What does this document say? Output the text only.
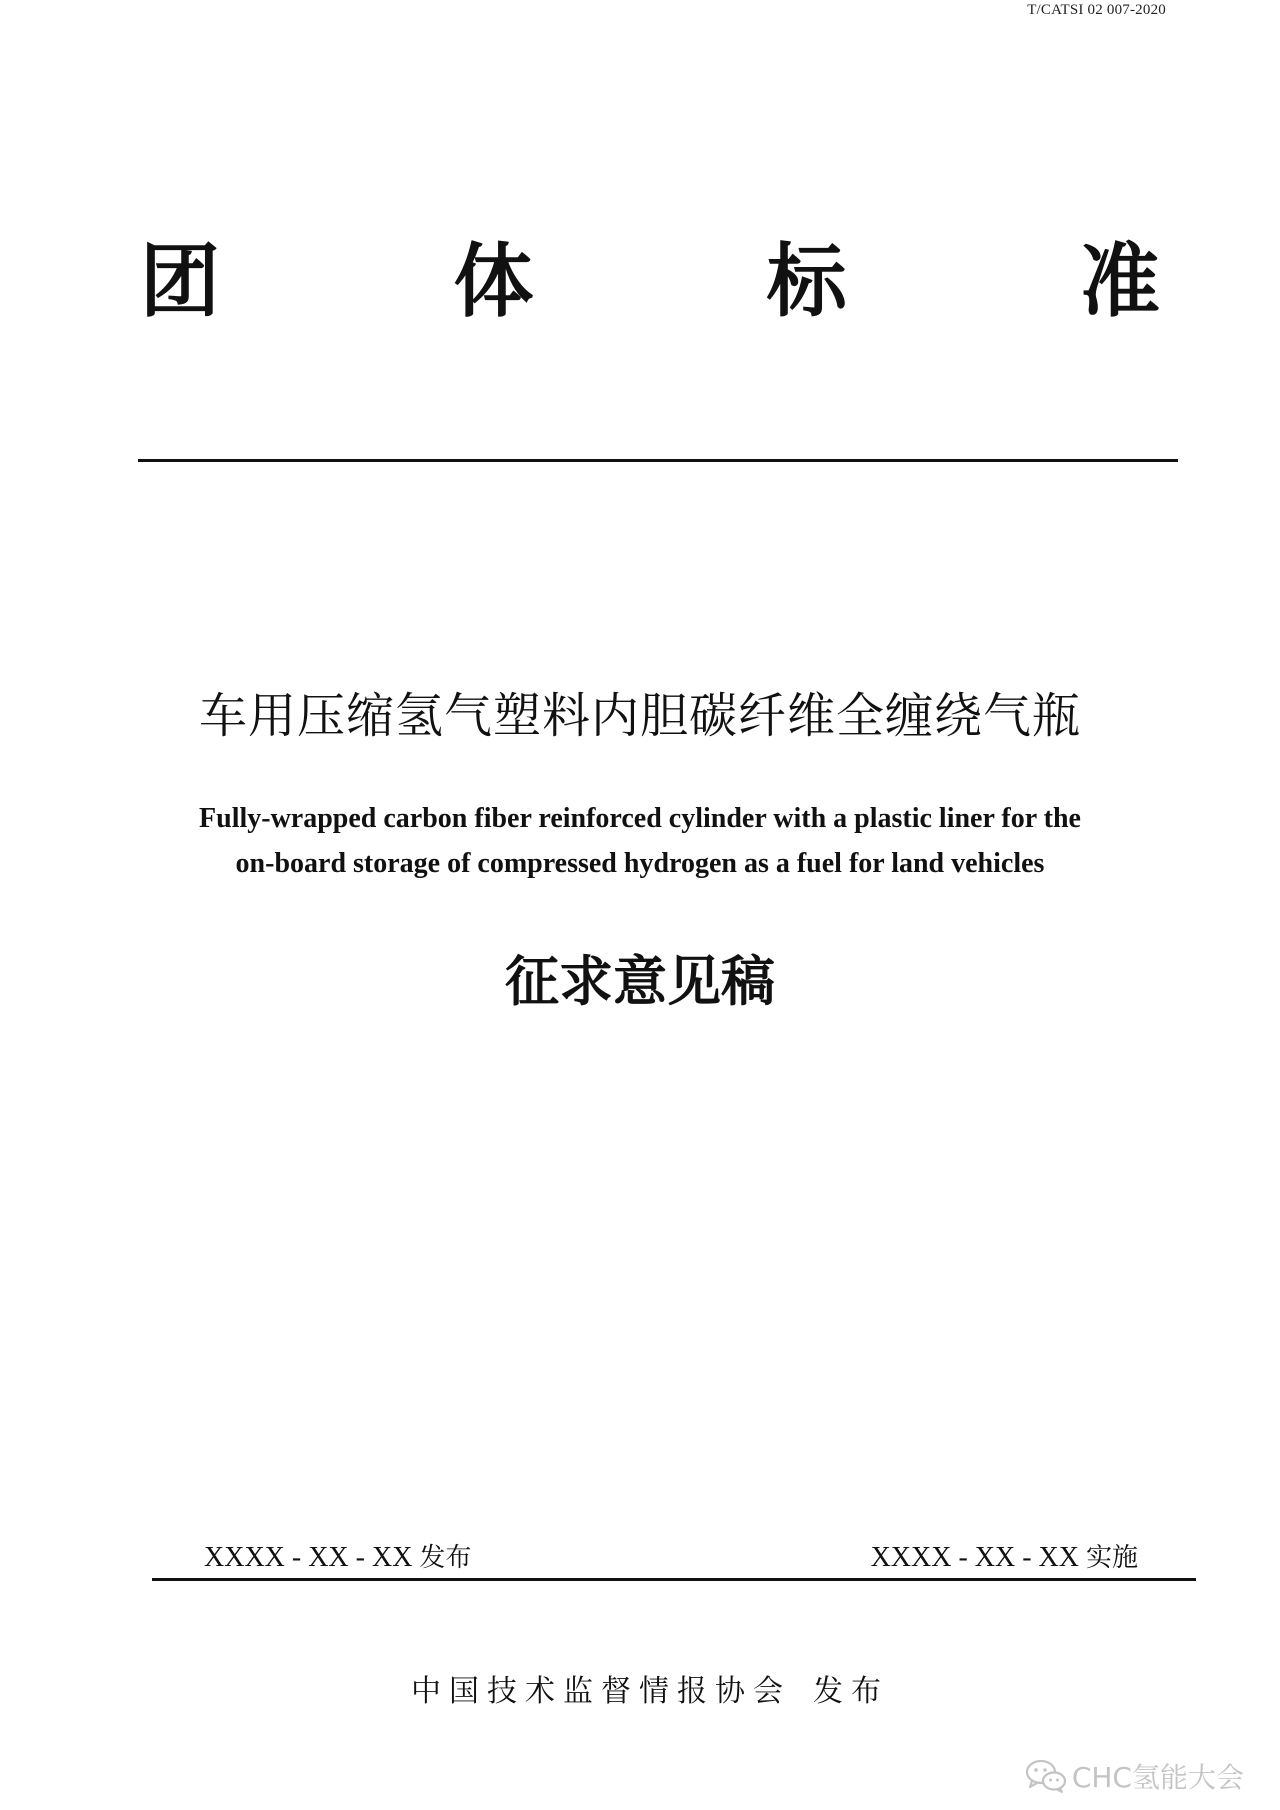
T/CATSI 02 007-2020
团	体	标	准
车用压缩氢气塑料内胆碳纤维全缠绕气瓶
Fully-wrapped carbon fiber reinforced cylinder with a plastic liner for the
on-board storage of compressed hydrogen as a fuel for land vehicles
征求意见稿
XXXX - XX - XX 发布	XXXX - XX - XX 实施
中国技术监督情报协会 发布
CHC氢能大会
